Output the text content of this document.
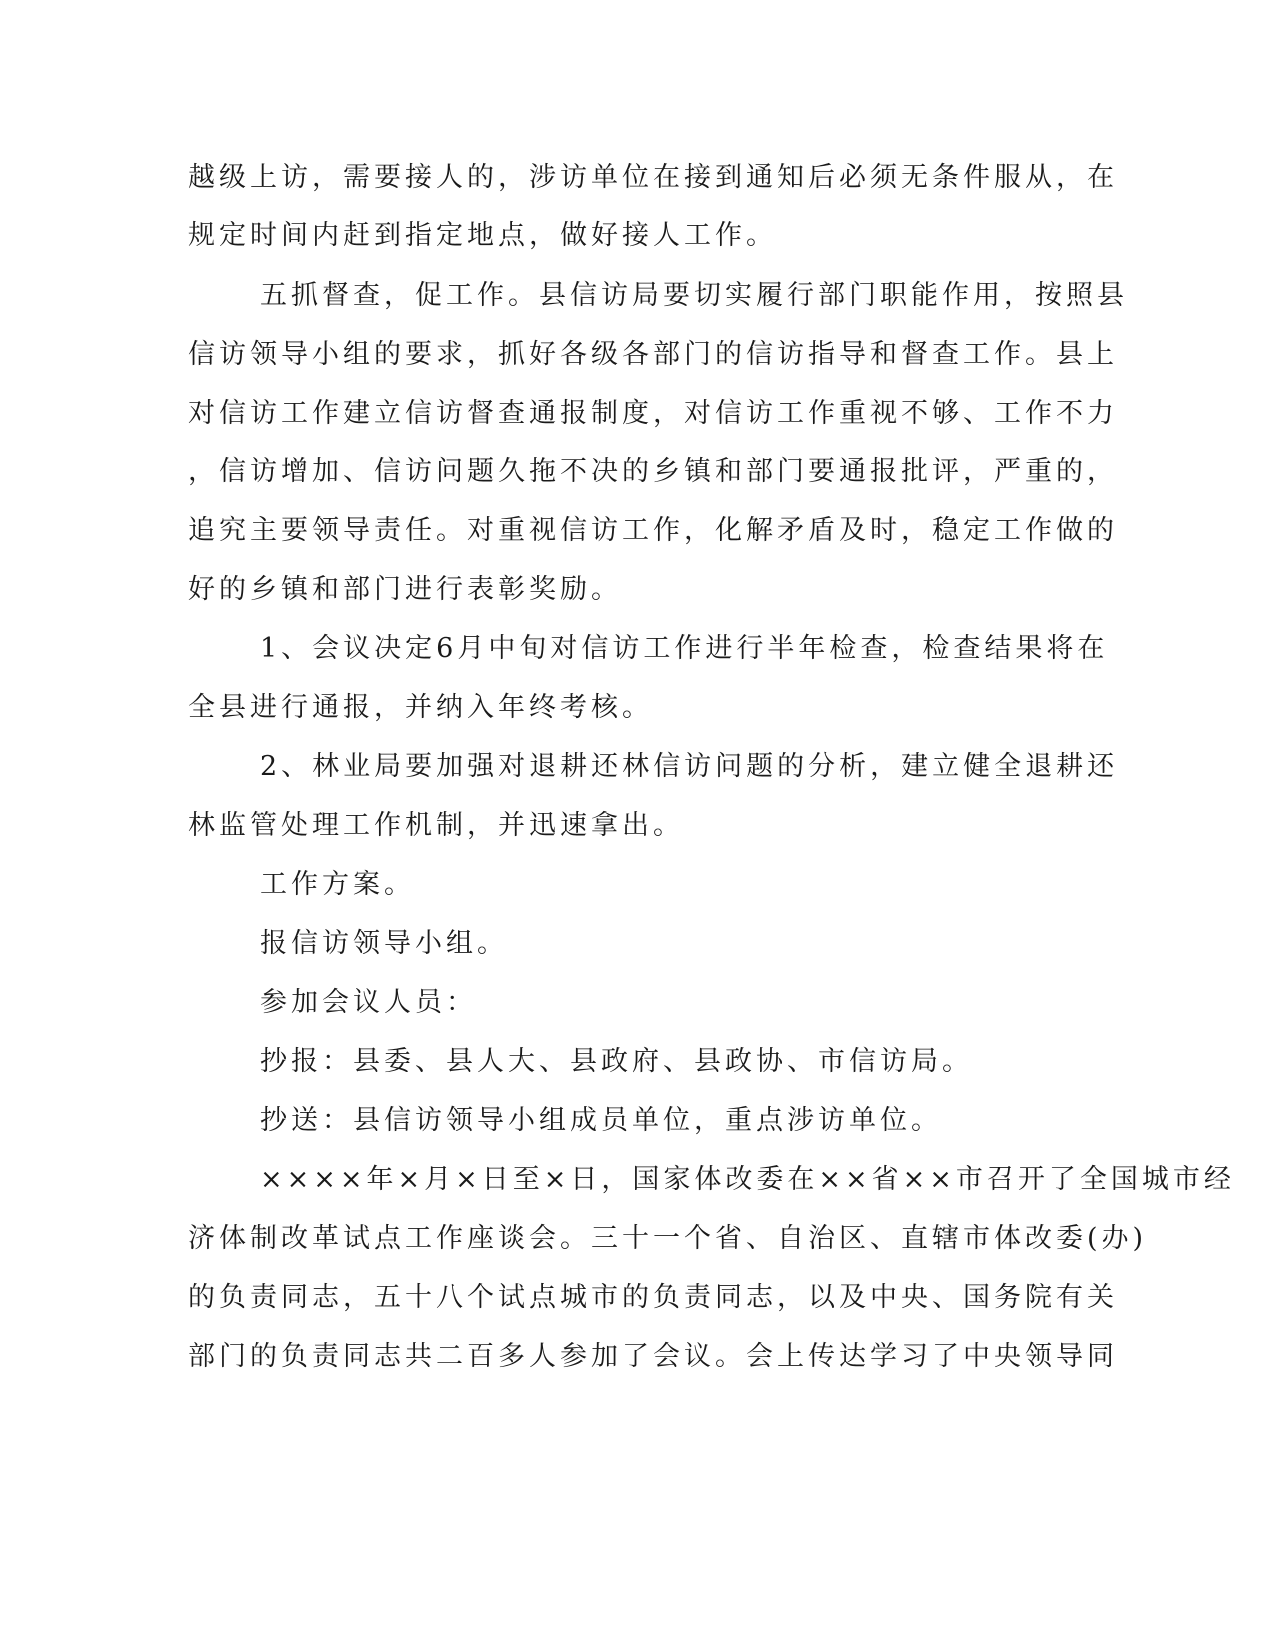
越级上访，需要接人的，涉访单位在接到通知后必须无条件服从，在
规定时间内赶到指定地点，做好接人工作。
五抓督查，促工作。县信访局要切实履行部门职能作用，按照县
信访领导小组的要求，抓好各级各部门的信访指导和督查工作。县上
对信访工作建立信访督查通报制度，对信访工作重视不够、工作不力
，信访增加、信访问题久拖不决的乡镇和部门要通报批评，严重的，
追究主要领导责任。对重视信访工作，化解矛盾及时，稳定工作做的
好的乡镇和部门进行表彰奖励。
1、会议决定6月中旬对信访工作进行半年检查，检查结果将在
全县进行通报，并纳入年终考核。
2、林业局要加强对退耕还林信访问题的分析，建立健全退耕还
林监管处理工作机制，并迅速拿出。
工作方案。
报信访领导小组。
参加会议人员：
抄报：县委、县人大、县政府、县政协、市信访局。
抄送：县信访领导小组成员单位，重点涉访单位。
××××年×月×日至×日，国家体改委在××省××市召开了全国城市经
济体制改革试点工作座谈会。三十一个省、自治区、直辖市体改委(办)
的负责同志，五十八个试点城市的负责同志，以及中央、国务院有关
部门的负责同志共二百多人参加了会议。会上传达学习了中央领导同
